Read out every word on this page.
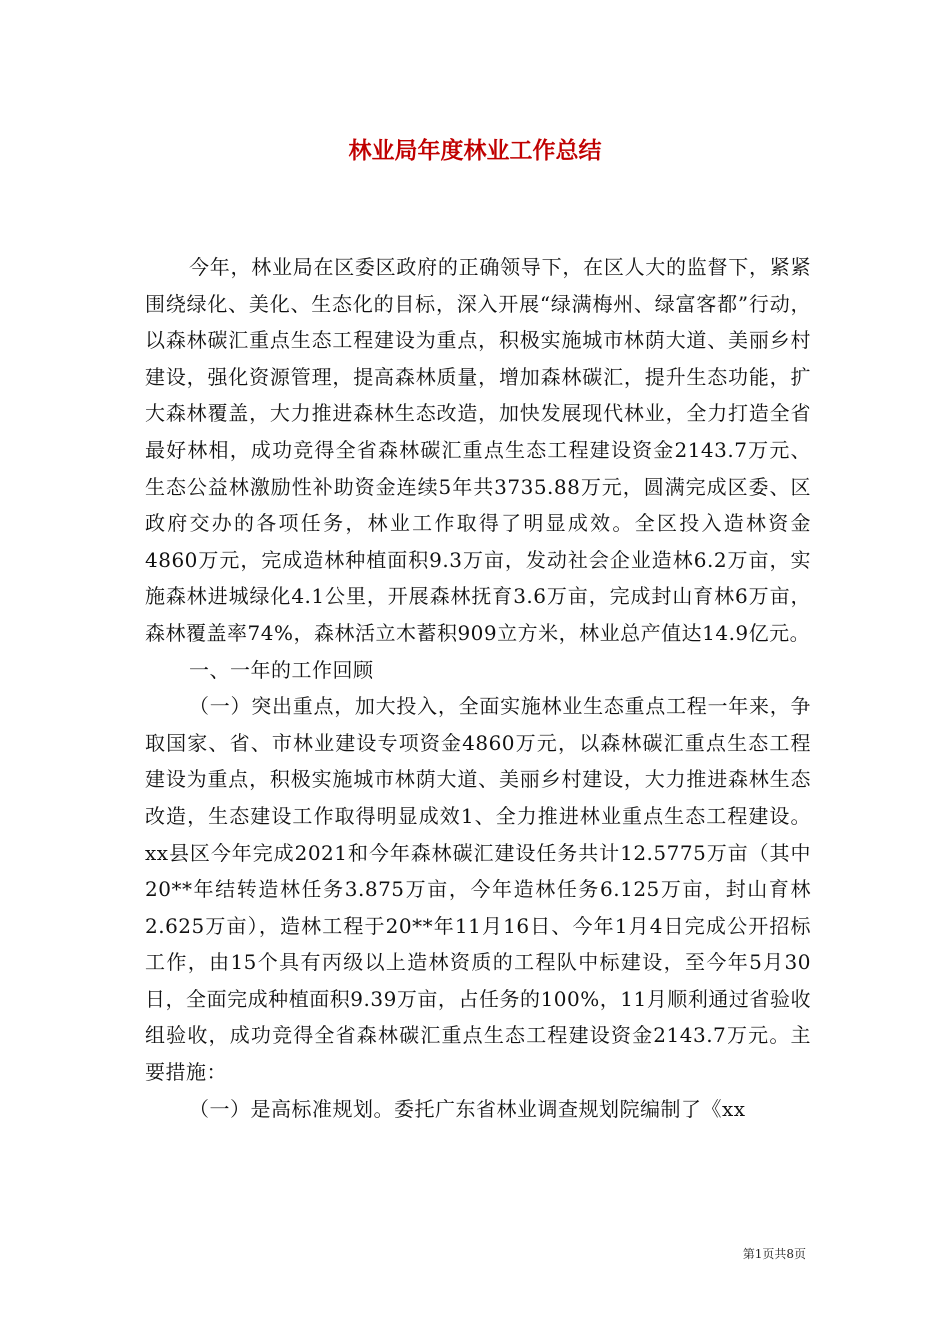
林业局年度林业工作总结

今年，林业局在区委区政府的正确领导下，在区人大的监督下，紧紧围绕绿化、美化、生态化的目标，深入开展“绿满梅州、绿富客都”行动，以森林碳汇重点生态工程建设为重点，积极实施城市林荫大道、美丽乡村建设，强化资源管理，提高森林质量，增加森林碳汇，提升生态功能，扩大森林覆盖，大力推进森林生态改造，加快发展现代林业，全力打造全省最好林相，成功竞得全省森林碳汇重点生态工程建设资金2143.7万元、生态公益林激励性补助资金连续5年共3735.88万元，圆满完成区委、区政府交办的各项任务，林业工作取得了明显成效。全区投入造林资金4860万元，完成造林种植面积9.3万亩，发动社会企业造林6.2万亩，实施森林进城绿化4.1公里，开展森林抚育3.6万亩，完成封山育林6万亩，森林覆盖率74%，森林活立木蓄积909立方米，林业总产值达14.9亿元。

一、一年的工作回顾

（一）突出重点，加大投入，全面实施林业生态重点工程一年来，争取国家、省、市林业建设专项资金4860万元，以森林碳汇重点生态工程建设为重点，积极实施城市林荫大道、美丽乡村建设，大力推进森林生态改造，生态建设工作取得明显成效1、全力推进林业重点生态工程建设。xx县区今年完成2021和今年森林碳汇建设任务共计12.5775万亩（其中20**年结转造林任务3.875万亩，今年造林任务6.125万亩，封山育林2.625万亩），造林工程于20**年11月16日、今年1月4日完成公开招标工作，由15个具有丙级以上造林资质的工程队中标建设，至今年5月30日，全面完成种植面积9.39万亩，占任务的100%，11月顺利通过省验收组验收，成功竞得全省森林碳汇重点生态工程建设资金2143.7万元。主要措施：

（一）是高标准规划。委托广东省林业调查规划院编制了《xx

第1页共8页
